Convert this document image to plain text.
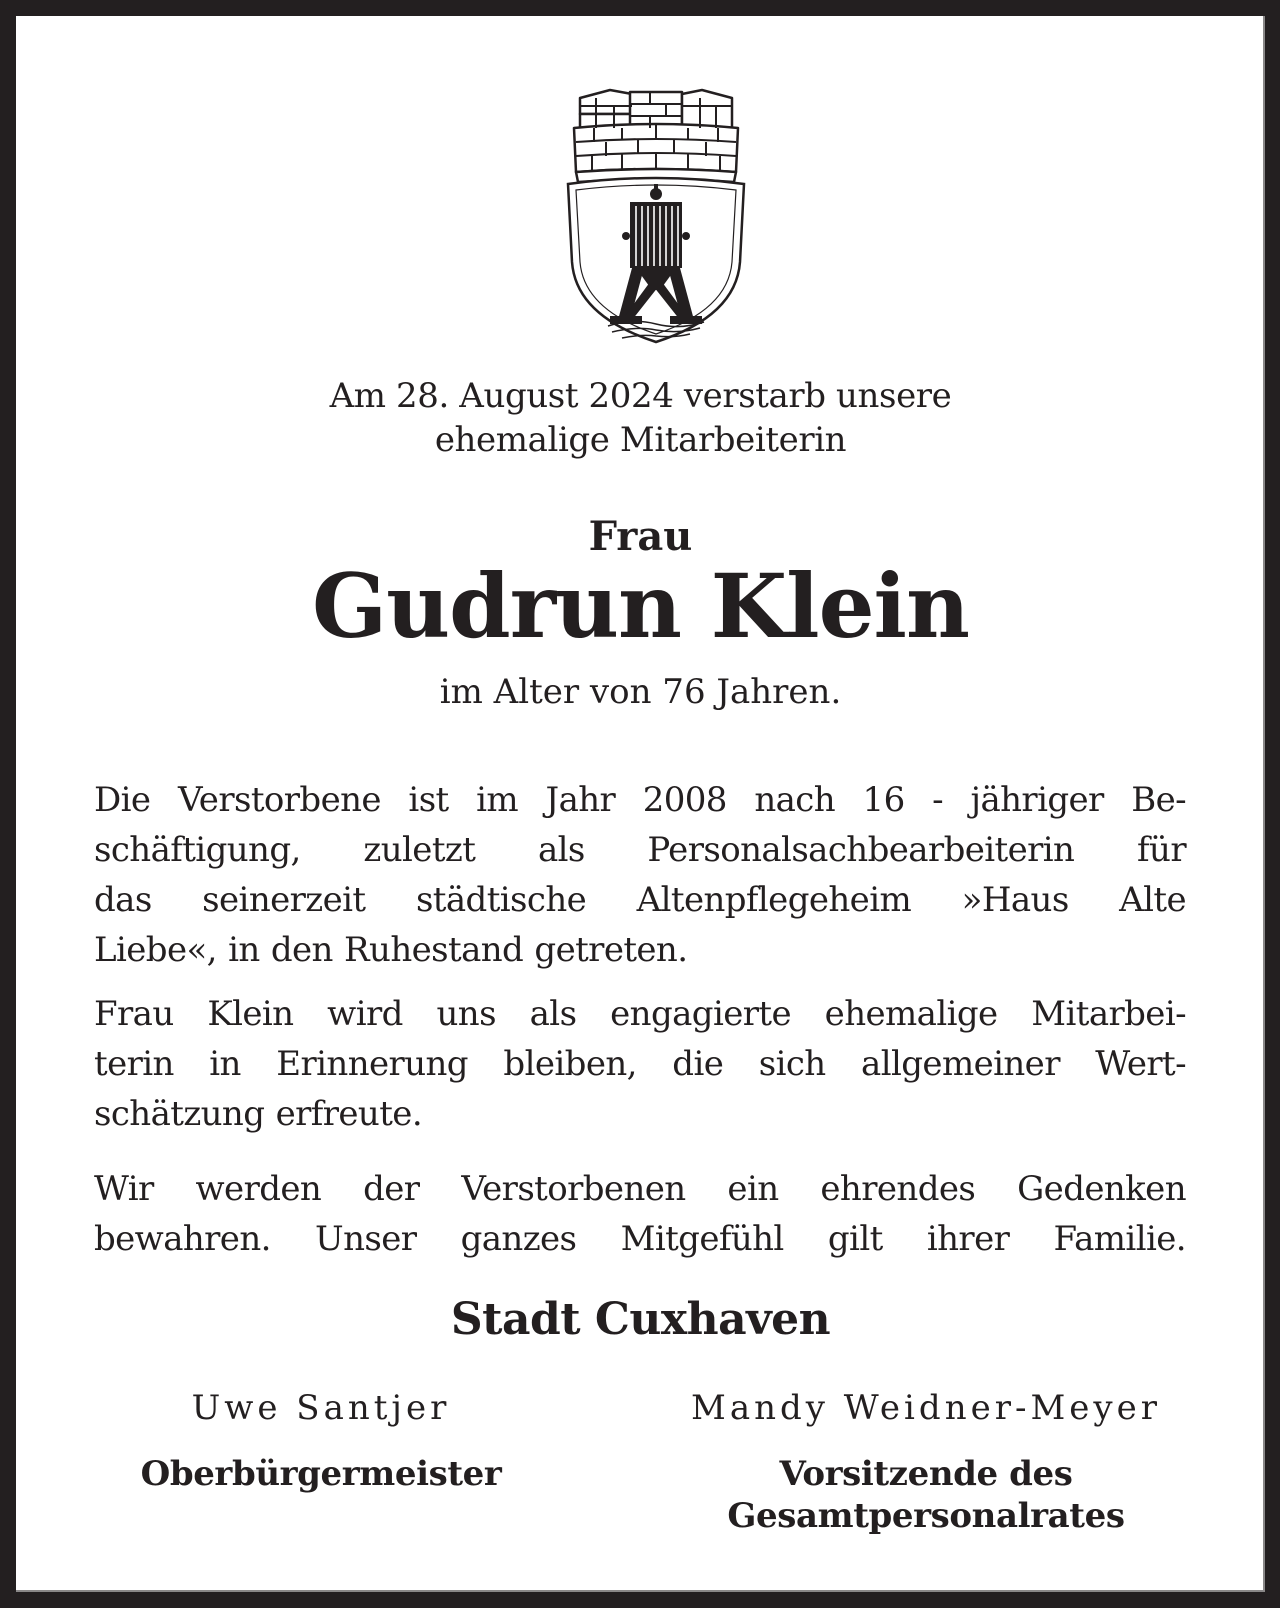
Am 28. August 2024 verstarb unsere
ehemalige Mitarbeiterin
Frau
Gudrun Klein
im Alter von 76 Jahren.
Die Verstorbene ist im Jahr 2008 nach 16 - jähriger Be-
schäftigung, zuletzt als Personalsachbearbeiterin für
das seinerzeit städtische Altenpflegeheim »Haus Alte
Liebe«, in den Ruhestand getreten.
Frau Klein wird uns als engagierte ehemalige Mitarbei-
terin in Erinnerung bleiben, die sich allgemeiner Wert-
schätzung erfreute.
Wir werden der Verstorbenen ein ehrendes Gedenken
bewahren. Unser ganzes Mitgefühl gilt ihrer Familie.
Stadt Cuxhaven
Uwe Santjer
Oberbürgermeister
Mandy Weidner-Meyer
Vorsitzende des
Gesamtpersonalrates
